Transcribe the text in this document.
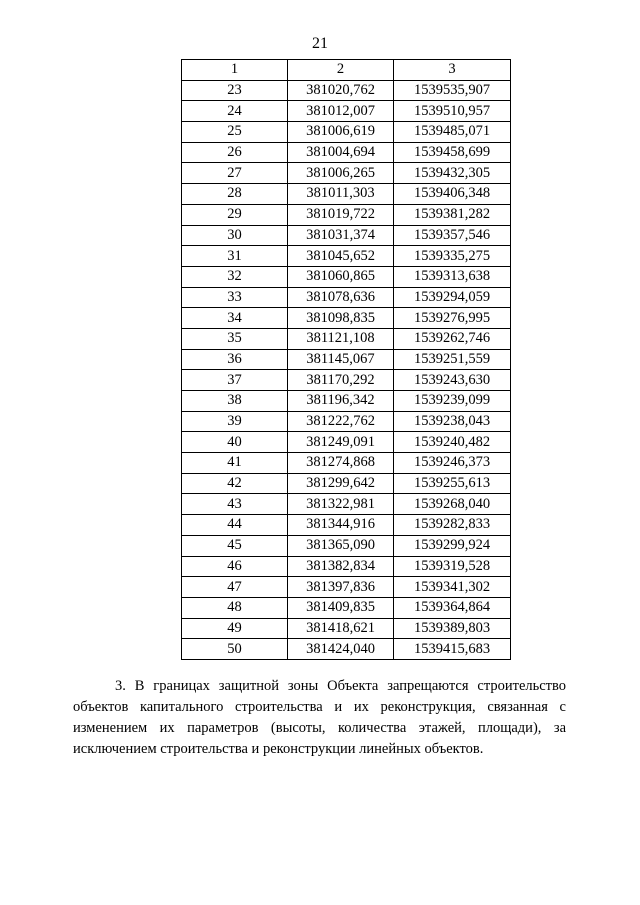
21
1	2	3
23	381020,762	1539535,907
24	381012,007	1539510,957
25	381006,619	1539485,071
26	381004,694	1539458,699
27	381006,265	1539432,305
28	381011,303	1539406,348
29	381019,722	1539381,282
30	381031,374	1539357,546
31	381045,652	1539335,275
32	381060,865	1539313,638
33	381078,636	1539294,059
34	381098,835	1539276,995
35	381121,108	1539262,746
36	381145,067	1539251,559
37	381170,292	1539243,630
38	381196,342	1539239,099
39	381222,762	1539238,043
40	381249,091	1539240,482
41	381274,868	1539246,373
42	381299,642	1539255,613
43	381322,981	1539268,040
44	381344,916	1539282,833
45	381365,090	1539299,924
46	381382,834	1539319,528
47	381397,836	1539341,302
48	381409,835	1539364,864
49	381418,621	1539389,803
50	381424,040	1539415,683

3. В границах защитной зоны Объекта запрещаются строительство объектов капитального строительства и их реконструкция, связанная с изменением их параметров (высоты, количества этажей, площади), за исключением строительства и реконструкции линейных объектов.
